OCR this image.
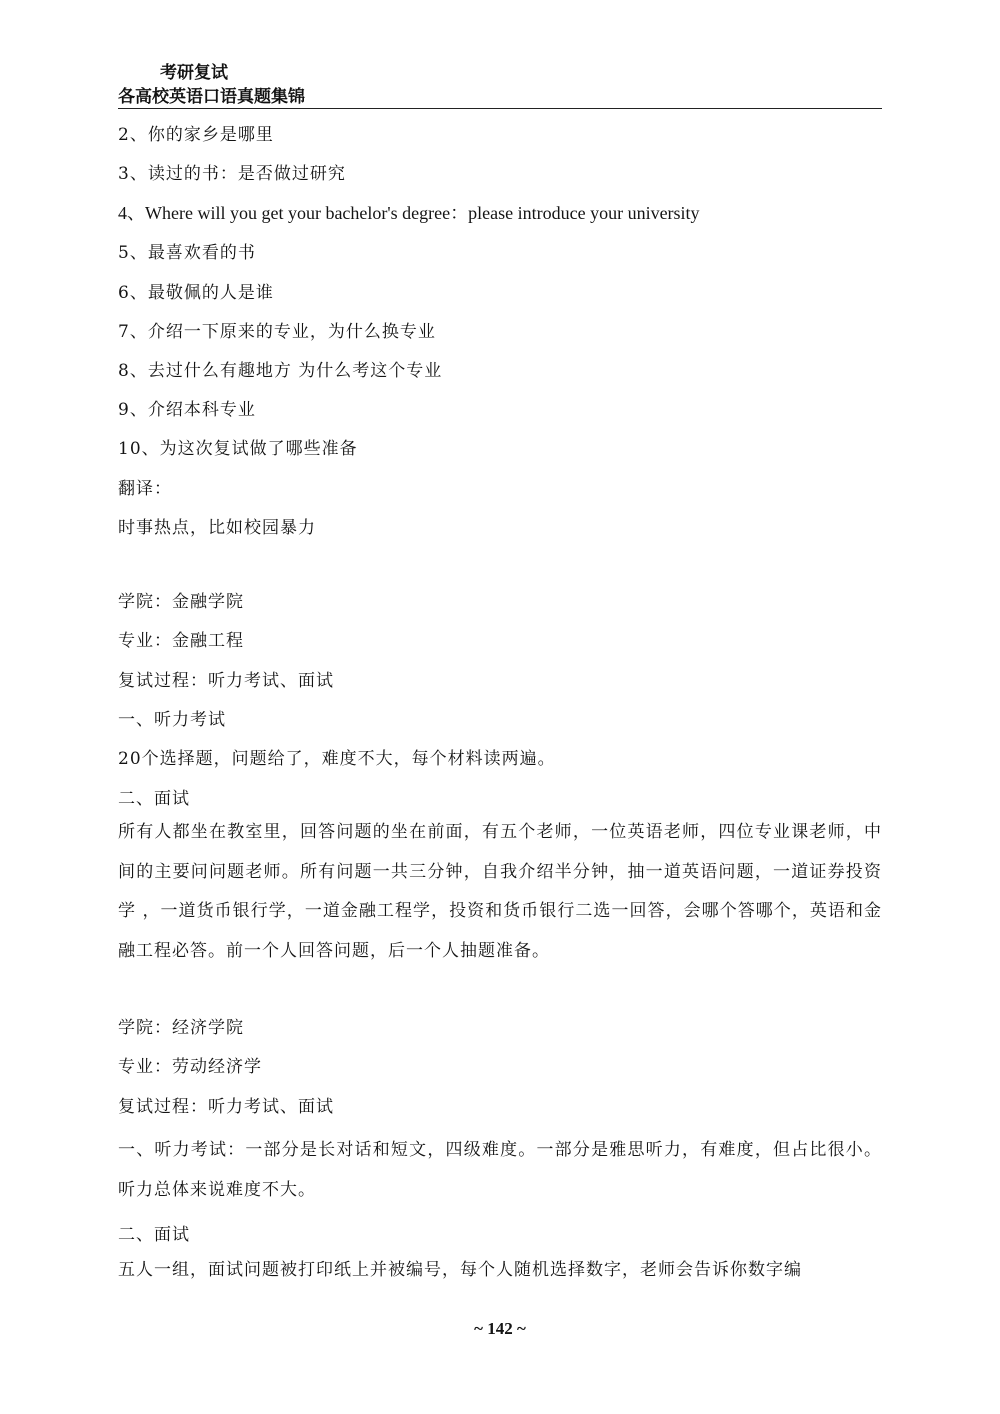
考研复试
各高校英语口语真题集锦
2、你的家乡是哪里
3、读过的书：是否做过研究
4、Where will you get your bachelor's degree：please introduce your university
5、最喜欢看的书
6、最敬佩的人是谁
7、介绍一下原来的专业，为什么换专业
8、去过什么有趣地方 为什么考这个专业
9、介绍本科专业
10、为这次复试做了哪些准备
翻译：
时事热点，比如校园暴力
学院：金融学院
专业：金融工程
复试过程：听力考试、面试
一、听力考试
20个选择题，问题给了，难度不大，每个材料读两遍。
二、面试
所有人都坐在教室里，回答问题的坐在前面，有五个老师，一位英语老师，四位专业课老师，中间的主要问问题老师。所有问题一共三分钟，自我介绍半分钟，抽一道英语问题，一道证券投资学 ，一道货币银行学，一道金融工程学，投资和货币银行二选一回答，会哪个答哪个，英语和金融工程必答。前一个人回答问题，后一个人抽题准备。
学院：经济学院
专业：劳动经济学
复试过程：听力考试、面试
一、听力考试：一部分是长对话和短文，四级难度。一部分是雅思听力，有难度，但占比很小。听力总体来说难度不大。
二、面试
五人一组，面试问题被打印纸上并被编号，每个人随机选择数字，老师会告诉你数字编
~ 142 ~
